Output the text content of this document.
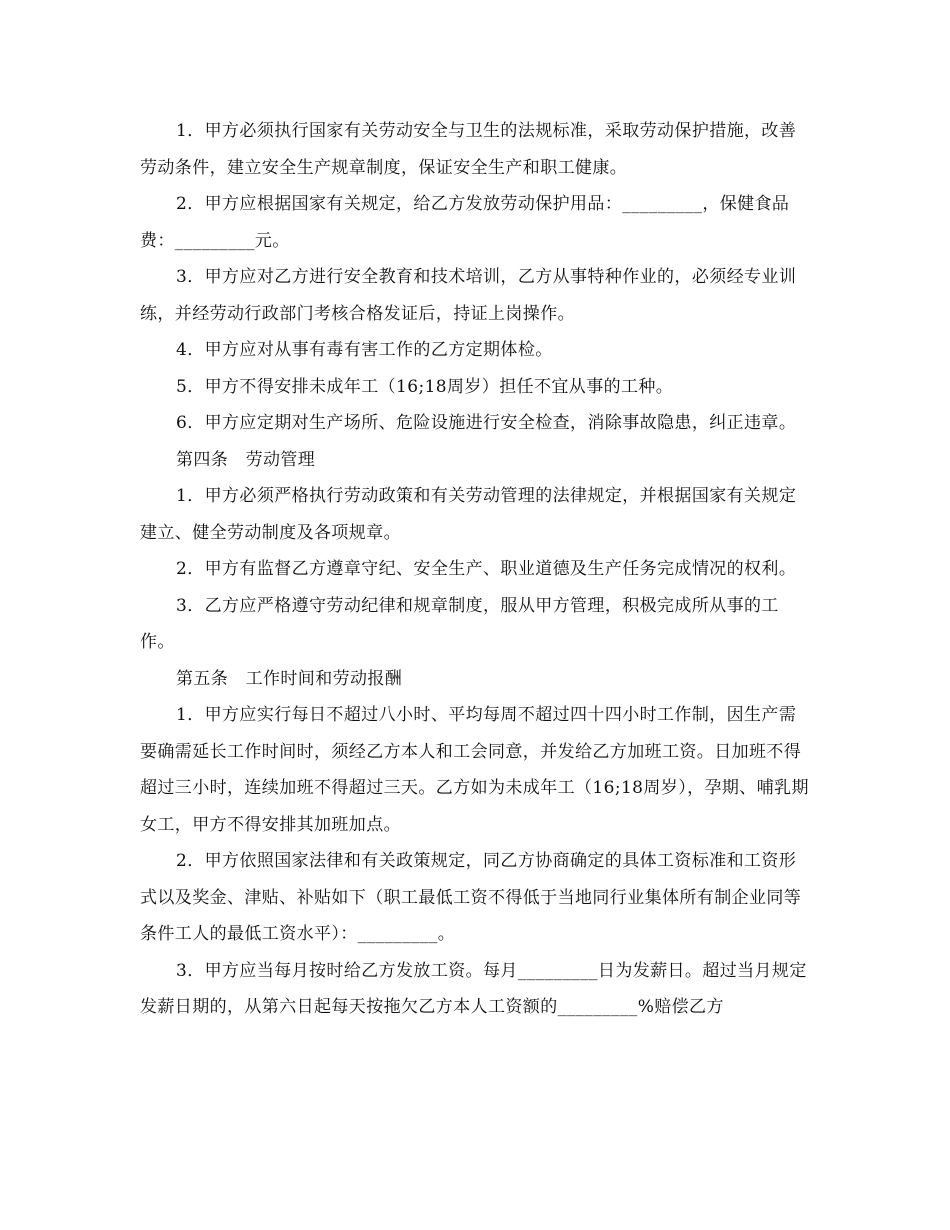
1．甲方必须执行国家有关劳动安全与卫生的法规标准，采取劳动保护措施，改善劳动条件，建立安全生产规章制度，保证安全生产和职工健康。

2．甲方应根据国家有关规定，给乙方发放劳动保护用品：_________，保健食品费：_________元。

3．甲方应对乙方进行安全教育和技术培训，乙方从事特种作业的，必须经专业训练，并经劳动行政部门考核合格发证后，持证上岗操作。

4．甲方应对从事有毒有害工作的乙方定期体检。

5．甲方不得安排未成年工（16;18周岁）担任不宜从事的工种。

6．甲方应定期对生产场所、危险设施进行安全检查，消除事故隐患，纠正违章。

第四条　劳动管理

1．甲方必须严格执行劳动政策和有关劳动管理的法律规定，并根据国家有关规定建立、健全劳动制度及各项规章。

2．甲方有监督乙方遵章守纪、安全生产、职业道德及生产任务完成情况的权利。

3．乙方应严格遵守劳动纪律和规章制度，服从甲方管理，积极完成所从事的工作。

第五条　工作时间和劳动报酬

1．甲方应实行每日不超过八小时、平均每周不超过四十四小时工作制，因生产需要确需延长工作时间时，须经乙方本人和工会同意，并发给乙方加班工资。日加班不得超过三小时，连续加班不得超过三天。乙方如为未成年工（16;18周岁），孕期、哺乳期女工，甲方不得安排其加班加点。

2．甲方依照国家法律和有关政策规定，同乙方协商确定的具体工资标准和工资形式以及奖金、津贴、补贴如下（职工最低工资不得低于当地同行业集体所有制企业同等条件工人的最低工资水平）：_________。

3．甲方应当每月按时给乙方发放工资。每月_________日为发薪日。超过当月规定发薪日期的，从第六日起每天按拖欠乙方本人工资额的_________%赔偿乙方
